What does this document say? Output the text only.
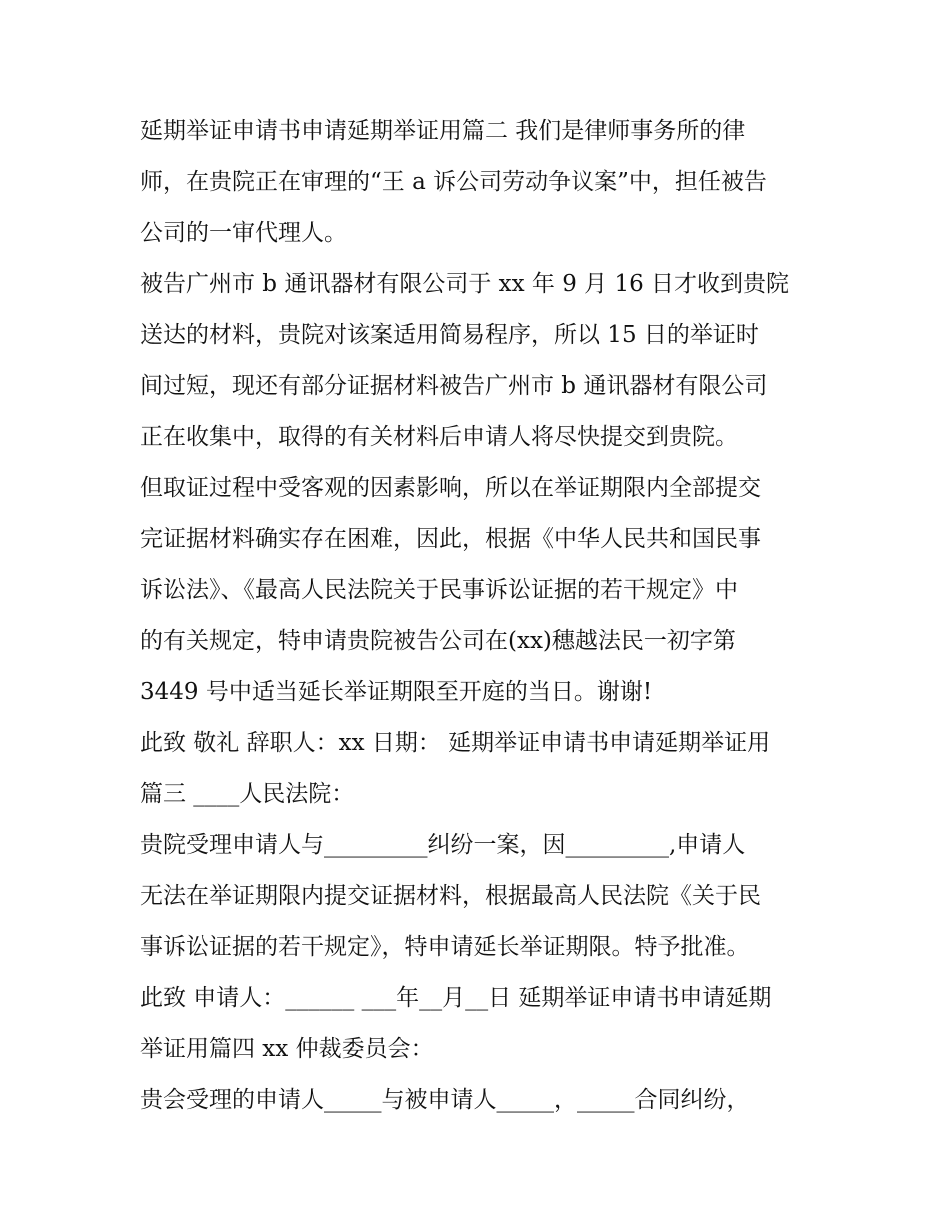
延期举证申请书申请延期举证用篇二 我们是律师事务所的律
师，在贵院正在审理的“王 a 诉公司劳动争议案”中，担任被告
公司的一审代理人。
被告广州市 b 通讯器材有限公司于 xx 年 9 月 16 日才收到贵院
送达的材料，贵院对该案适用简易程序，所以 15 日的举证时
间过短，现还有部分证据材料被告广州市 b 通讯器材有限公司
正在收集中，取得的有关材料后申请人将尽快提交到贵院。
但取证过程中受客观的因素影响，所以在举证期限内全部提交
完证据材料确实存在困难，因此，根据《中华人民共和国民事
诉讼法》、《最高人民法院关于民事诉讼证据的若干规定》中
的有关规定，特申请贵院被告公司在(xx)穗越法民一初字第
3449 号中适当延长举证期限至开庭的当日。谢谢!
此致 敬礼 辞职人：xx 日期： 延期举证申请书申请延期举证用
篇三 ____人民法院：
贵院受理申请人与_________纠纷一案，因_________,申请人
无法在举证期限内提交证据材料，根据最高人民法院《关于民
事诉讼证据的若干规定》，特申请延长举证期限。特予批准。
此致 申请人：______ ___年__月__日 延期举证申请书申请延期
举证用篇四 xx 仲裁委员会：
贵会受理的申请人_____与被申请人_____，_____合同纠纷，
